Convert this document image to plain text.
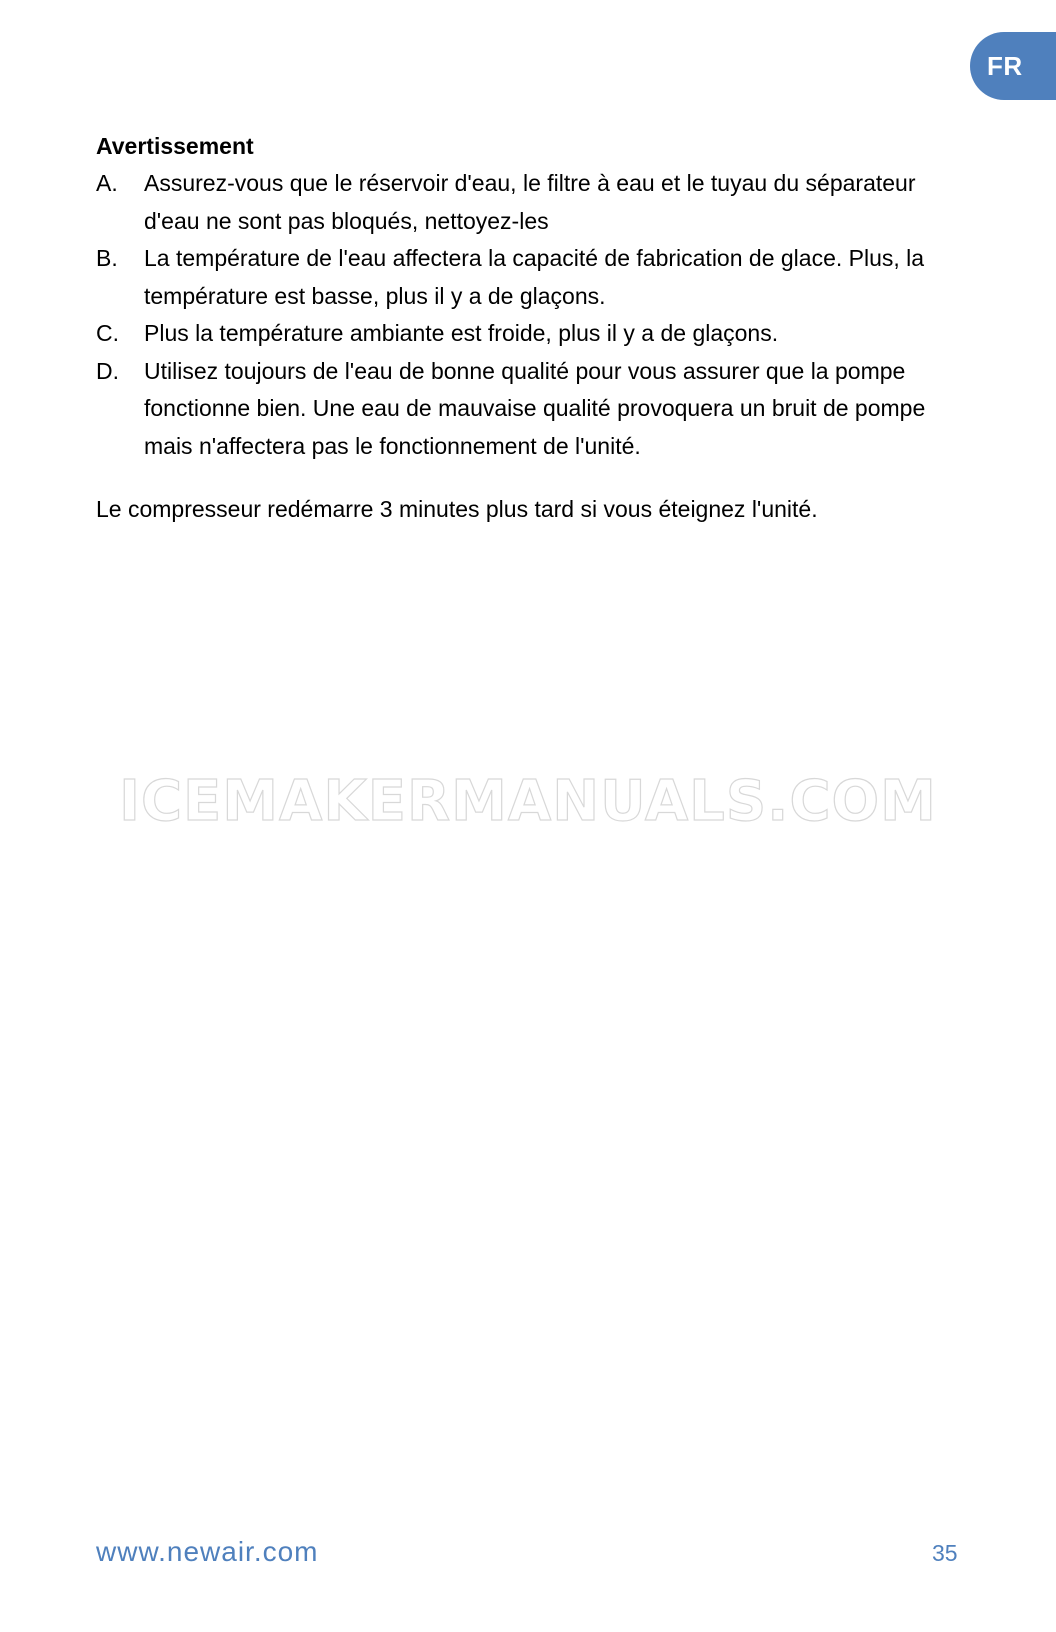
FR

Avertissement

A.	Assurez-vous que le réservoir d'eau, le filtre à eau et le tuyau du séparateur d'eau ne sont pas bloqués, nettoyez-les
B.	La température de l'eau affectera la capacité de fabrication de glace. Plus, la température est basse, plus il y a de glaçons.
C.	Plus la température ambiante est froide, plus il y a de glaçons.
D.	Utilisez toujours de l'eau de bonne qualité pour vous assurer que la pompe fonctionne bien. Une eau de mauvaise qualité provoquera un bruit de pompe mais n'affectera pas le fonctionnement de l'unité.

Le compresseur redémarre 3 minutes plus tard si vous éteignez l'unité.

ICEMAKERMANUALS.COM
www.newair.com	35
